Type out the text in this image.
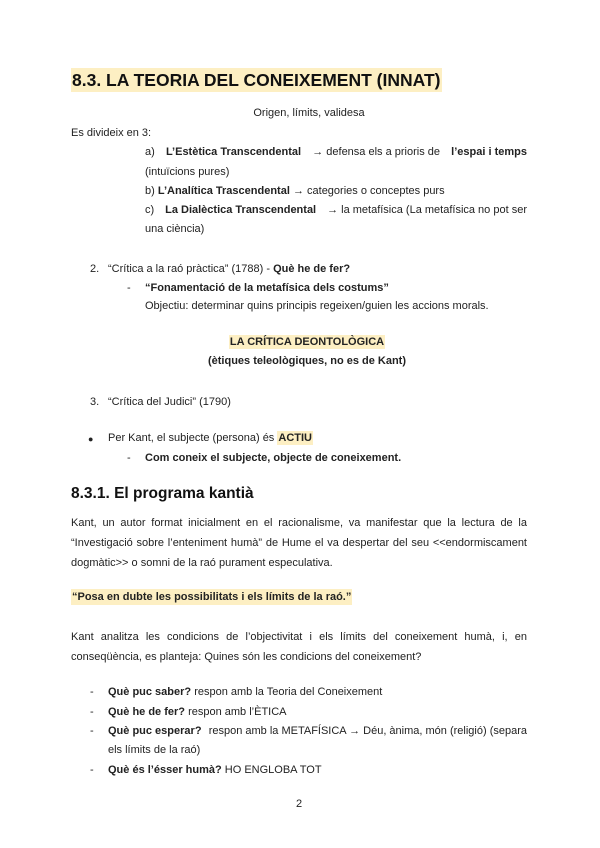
8.3. LA TEORIA DEL CONEIXEMENT (INNAT)
Origen, límits, validesa
Es divideix en 3:
a) L’Estètica Transcendental → defensa els a prioris de l’espai i temps
(intuïcions pures)
b) L’Analítica Trascendental → categories o conceptes purs
c) La Dialèctica Transcendental → la metafísica (La metafísica no pot ser
una ciència)
2. “Crítica a la raó pràctica” (1788) - Què he de fer?
- “Fonamentació de la metafísica dels costums”
Objectiu: determinar quins principis regeixen/guien les accions morals.
LA CRÍTICA DEONTOLÒGICA
(ètiques teleològiques, no es de Kant)
3. “Crítica del Judici” (1790)
● Per Kant, el subjecte (persona) és ACTIU
- Com coneix el subjecte, objecte de coneixement.
8.3.1. El programa kantià
Kant, un autor format inicialment en el racionalisme, va manifestar que la lectura de la “Investigació sobre l’enteniment humà” de Hume el va despertar del seu <<endormiscament dogmàtic>> o somni de la raó purament especulativa.
“Posa en dubte les possibilitats i els límits de la raó.”
Kant analitza les condicions de l’objectivitat i els límits del coneixement humà, i, en conseqüència, es planteja: Quines són les condicions del coneixement?
- Què puc saber? respon amb la Teoria del Coneixement
- Què he de fer? respon amb l’ÈTICA
- Què puc esperar? respon amb la METAFÍSICA → Déu, ànima, món (religió) (separa
els límits de la raó)
- Què és l’ésser humà? HO ENGLOBA TOT
2
